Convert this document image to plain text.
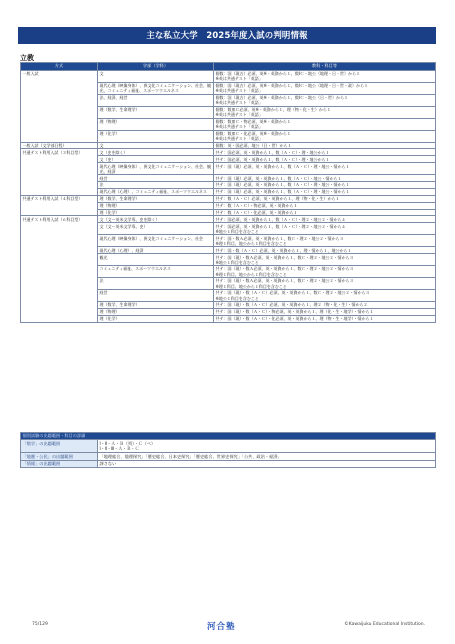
主な私立大学　2025年度入試の判明情報
立教
方式	学部（学科）	教科・科目等
一般入試	文	個数：国（現古）必須、英※・英資から１、数ⅠＣ・地公（地理・日・世）から１
※英は共通テスト「英語」

	現代心理（映像身体）、異文化コミュニケーション、社会、観光、コミュニティ福祉、スポーツウエルネス	個数：国（現古）必須、英※・英資から１、数ⅠＣ・地公（地理・日・世・政）から１
※英は共通テスト「英語」

	法、経済、経営	個数：国（現古）必須、英※・英資から１、数ⅠＣ・地公（日・世）から１
※英は共通テスト「英語」

	理（数学、生命理学）	個数：数皿Ｃ必須、英※・英資から１、理（物・化・生）から１
※英は共通テスト「英語」

	理（物理）	個数：数皿Ｃ・物必須、英※・英資から１
※英は共通テスト「英語」

	理（化学）	個数：数皿Ｃ・化必須、英※・英資から１
※英は共通テスト「英語」

一般入試（文学部日程）	文	個数：英・国必須、地公（日・世）から１

共通テスト利用入試（３科目型）	文（史を除く）	共テ：国必須、英・英資から１、数（Ａ・Ｃ）・理・地公から１

	文（史）	共テ：国必須、英・英資から１、数（Ａ・Ｃ）・理・地公から１

	現代心理（映像身体）、異文化コミュニケーション、社会、観光、経済	共テ：国（現）必須、英・英資から１、数（Ａ・Ｃ）・理・地公・情から１

	経営	共テ：国（現）必須、英・英資から１、数（Ａ・Ｃ）・地公・情から１

	法	共テ：国（現）必須、英・英資から１、数（Ａ・Ｃ）・理・地公・情から１

	現代心理（心理）、コミュニティ福祉、スポーツウエルネス	共テ：国（現）必須、英・英資から１、数（Ａ・Ｃ）・理・地公・情から１

共通テスト利用入試（４科目型）	理（数学、生命理学）	共テ：数（Ａ・Ｃ）必須、英・英資から１、理（物・化・生）から１

	理（物理）	共テ：数（Ａ・Ｃ）・物必須、英・英資から１

	理（化学）	共テ：数（Ａ・Ｃ）・化必須、英・英資から１

共通テスト利用入試（６科目型）	文（文ー英米文学専、史を除く）	共テ：国必須、英・英資から１、数（Ａ・Ｃ）・理２・地公２・情から４

	文（文ー英米文学専、史）	共テ：国必須、英・英資から１、数（Ａ・Ｃ）・理２・地公２・情から４
※地公１科目を含むこと

	現代心理（映像身体）、異文化コミュニケーション、社会	共テ：国・数Ａ必須、英・英資から１、数Ｃ・理２・地公２・情から３
※理１科目、地公から１科目を含むこと

	現代心理（心理）、経済	共テ：国・数（Ａ・Ｃ）必須、英・英資から１、理・情から１、地公から１

	観光	共テ：国（現）・数Ａ必須、英・英資から１、数Ｃ・理２・地公２・情から３
※地公１科目を含むこと

	コミュニティ福祉、スポーツウエルネス	共テ：国（現）・数Ａ必須、英・英資から１、数Ｃ・理２・地公２・情から３
※理１科目、地公から１科目を含むこと

	法	共テ：国（現）・数Ａ必須、英・英資から１、数Ｃ・理２・地公２・情から３
※理１科目、地公から１科目を含むこと

	経営	共テ：国（現）・数（Ａ・Ｃ）必須、英・英資から１、数Ｃ・理２・地公２・情から３
※地公１科目を含むこと

	理（数学、生命理学）	共テ：国（現）・数（Ａ・Ｃ）必須、英・英資から１、理２（物・化・生）・情から２

	理（物理）	共テ：国（現）・数（Ａ・Ｃ）・物必須、英・英資から１、理（化・生・地学）・情から１

	理（化学）	共テ：国（現）・数（Ａ・Ｃ）・化必須、英・英資から１、理（物・生・地学）・情から１
個別試験の出題範囲・科目の詳細	
「数学」の出題範囲	Ⅰ・Ⅱ・Ａ・Ｂ（列）・Ｃ（ベ）
Ⅰ・Ⅱ・Ⅲ・Ａ・Ｂ・Ｃ

「地歴・公民」の出題範囲	「地理総合、地理探究」「歴史総合、日本史探究」「歴史総合、世界史探究」「公共、政治・経済」
「情報」の出題範囲	課さない
75/129	河合塾	©Kawaijuku Educational Institution.
